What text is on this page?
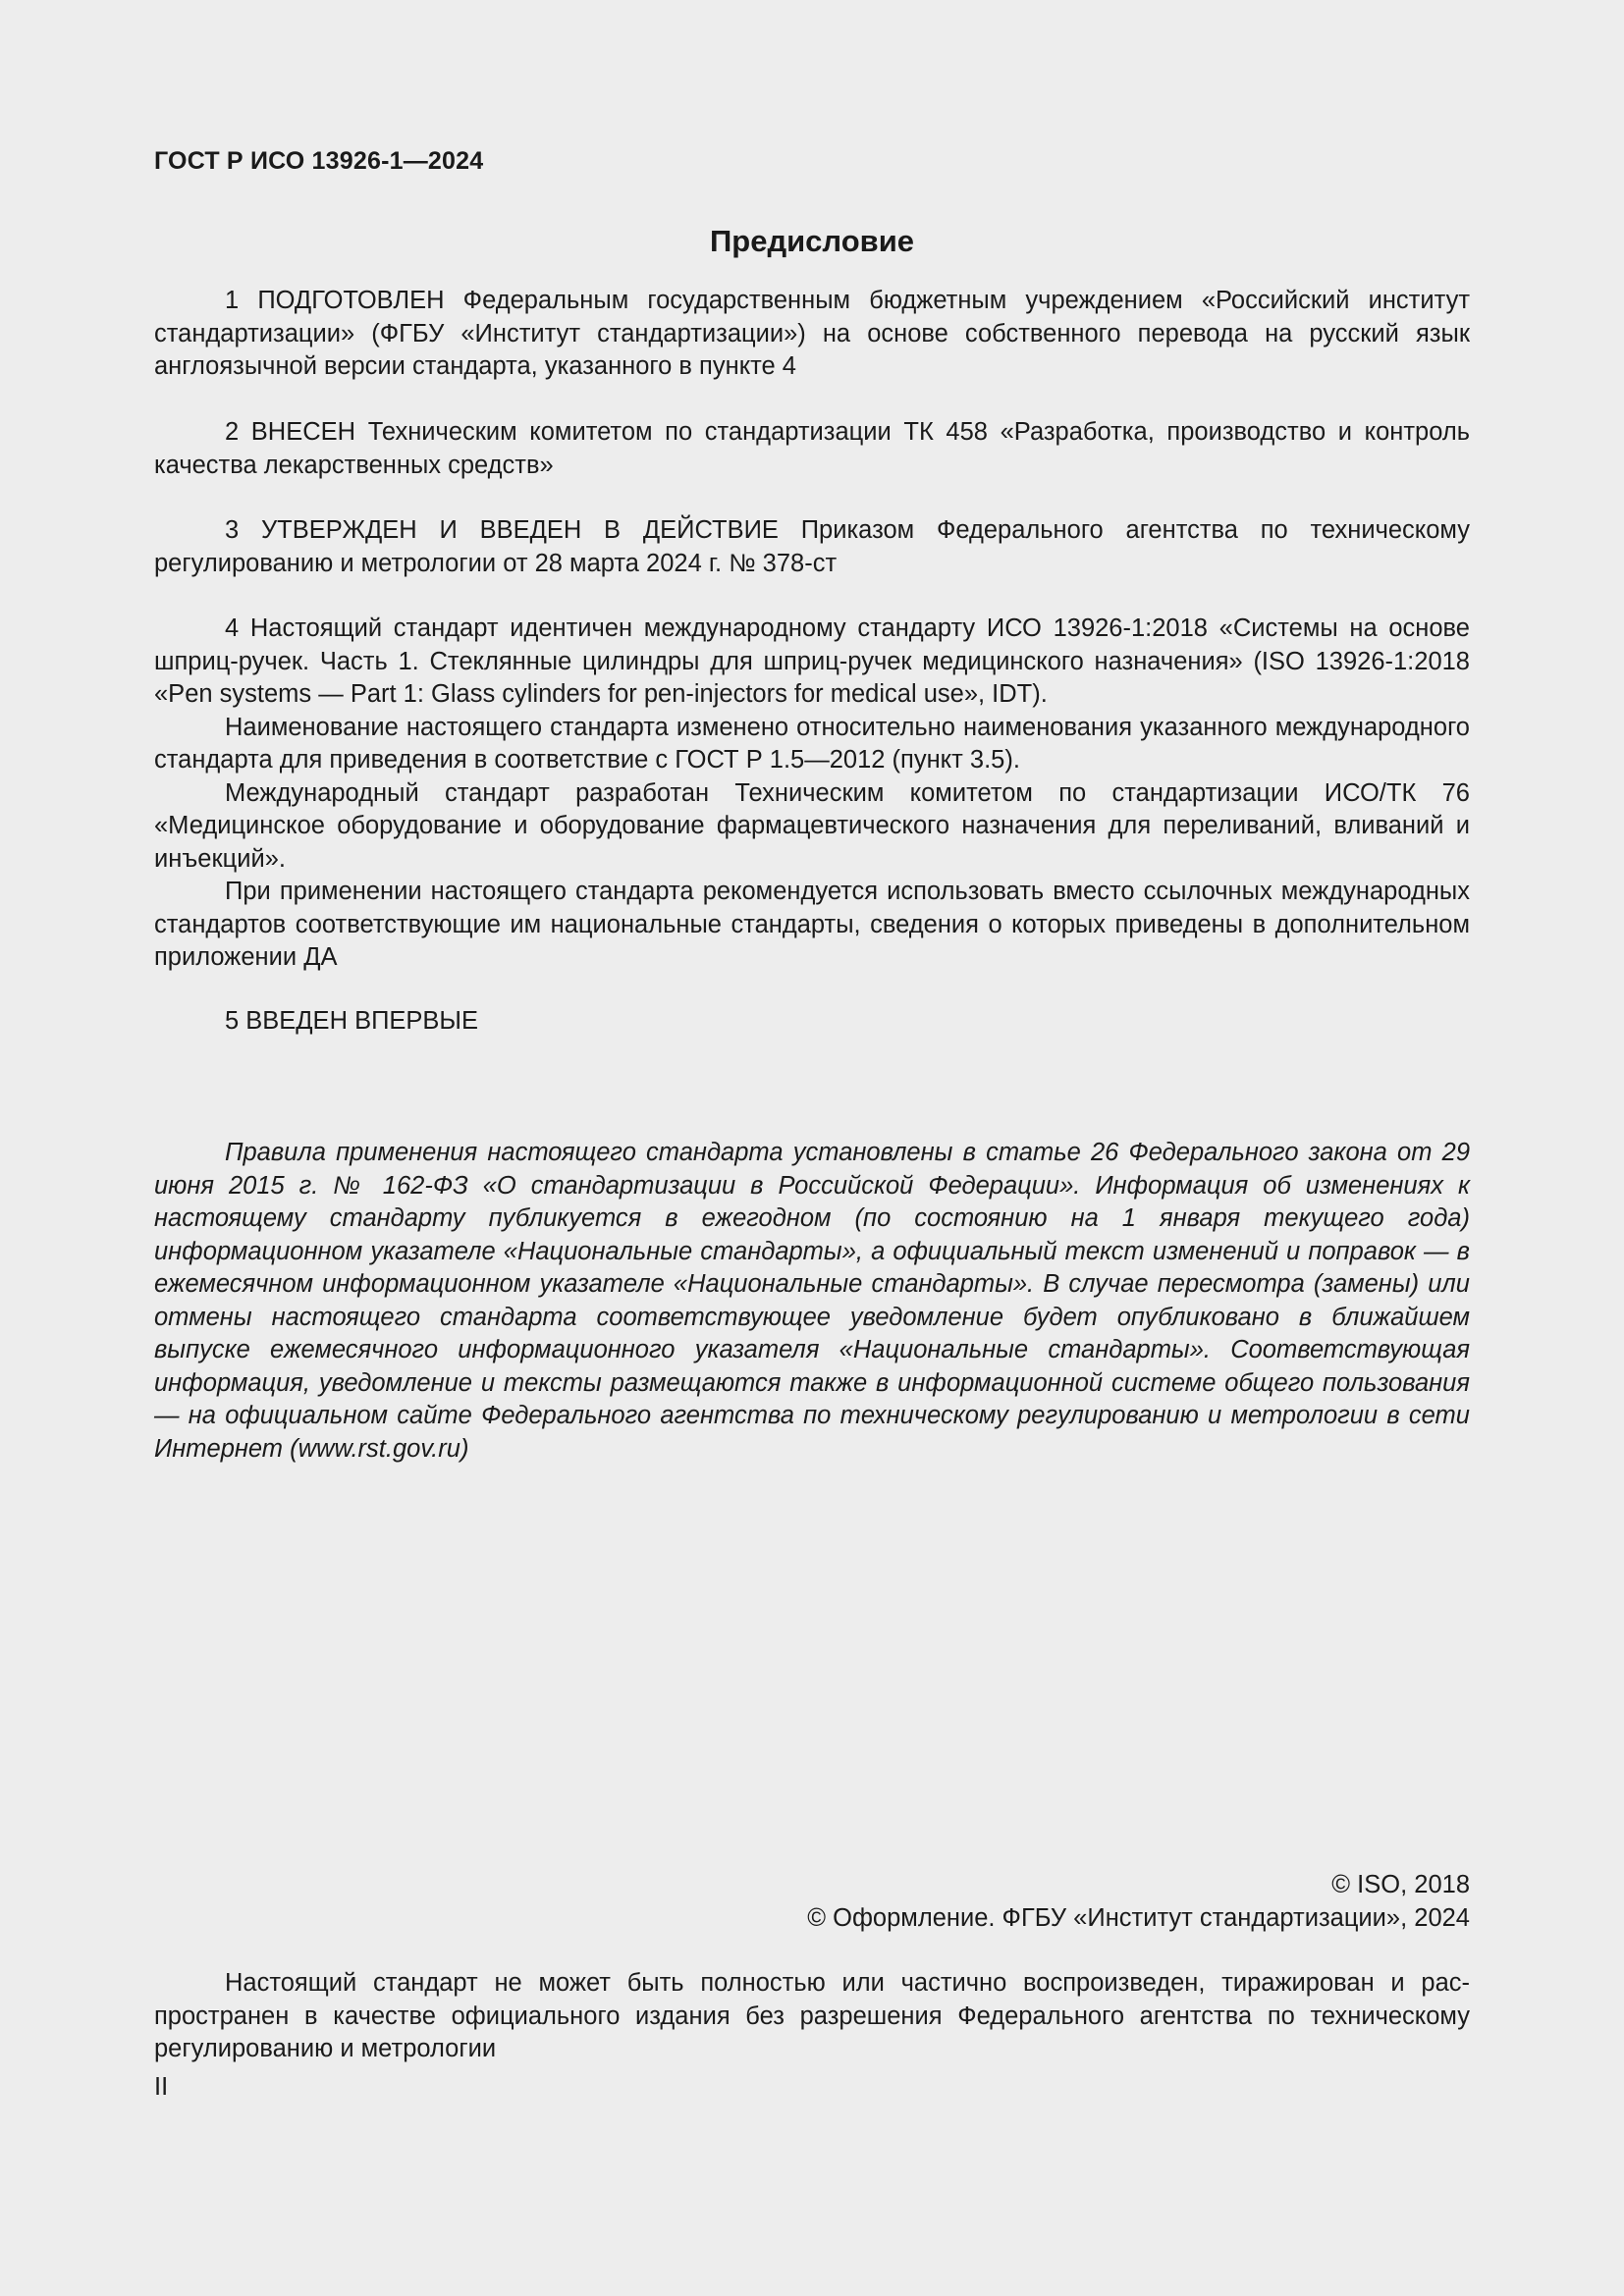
ГОСТ Р ИСО 13926-1—2024
Предисловие

1 ПОДГОТОВЛЕН Федеральным государственным бюджетным учреждением «Российский институт стандартизации» (ФГБУ «Институт стандартизации») на основе собственного перевода на русский язык англоязычной версии стандарта, указанного в пункте 4

2 ВНЕСЕН Техническим комитетом по стандартизации ТК 458 «Разработка, производство и контроль качества лекарственных средств»

3 УТВЕРЖДЕН И ВВЕДЕН В ДЕЙСТВИЕ Приказом Федерального агентства по техническому регулированию и метрологии от 28 марта 2024 г. № 378-ст

4 Настоящий стандарт идентичен международному стандарту ИСО 13926-1:2018 «Системы на основе шприц-ручек. Часть 1. Стеклянные цилиндры для шприц-ручек медицинского назначения» (ISO 13926-1:2018 «Pen systems — Part 1: Glass cylinders for pen-injectors for medical use», IDT).

Наименование настоящего стандарта изменено относительно наименования указанного международного стандарта для приведения в соответствие с ГОСТ Р 1.5—2012 (пункт 3.5).

Международный стандарт разработан Техническим комитетом по стандартизации ИСО/ТК 76 «Медицинское оборудование и оборудование фармацевтического назначения для переливаний, вливаний и инъекций».

При применении настоящего стандарта рекомендуется использовать вместо ссылочных международных стандартов соответствующие им национальные стандарты, сведения о которых приведены в дополнительном приложении ДА

5 ВВЕДЕН ВПЕРВЫЕ

Правила применения настоящего стандарта установлены в статье 26 Федерального закона от 29 июня 2015 г. № 162-ФЗ «О стандартизации в Российской Федерации». Информация об изменениях к настоящему стандарту публикуется в ежегодном (по состоянию на 1 января текущего года) информационном указателе «Национальные стандарты», а официальный текст изменений и поправок — в ежемесячном информационном указателе «Национальные стандарты». В случае пересмотра (замены) или отмены настоящего стандарта соответствующее уведомление будет опубликовано в ближайшем выпуске ежемесячного информационного указателя «Национальные стандарты». Соответствующая информация, уведомление и тексты размещаются также в информационной системе общего пользования — на официальном сайте Федерального агентства по техническому регулированию и метрологии в сети Интернет (www.rst.gov.ru)

© ISO, 2018
© Оформление. ФГБУ «Институт стандартизации», 2024

Настоящий стандарт не может быть полностью или частично воспроизведен, тиражирован и распространен в качестве официального издания без разрешения Федерального агентства по техническому регулированию и метрологии

II
